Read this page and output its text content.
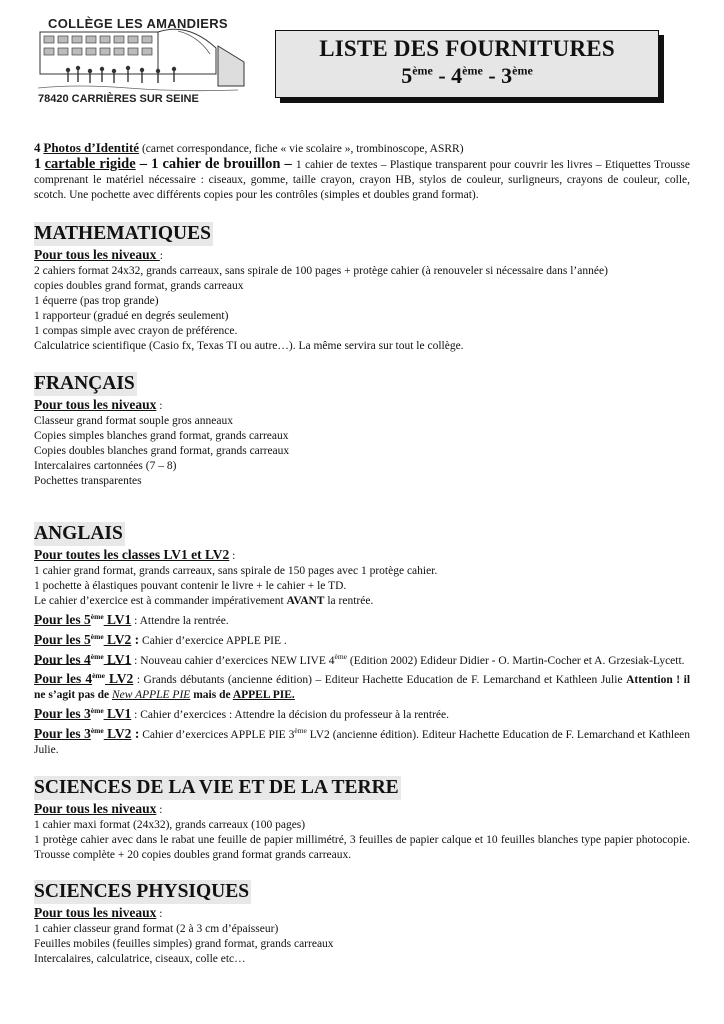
COLLÈGE LES AMANDIERS
78420 CARRIÈRES SUR SEINE
LISTE DES FOURNITURES
5ème - 4ème - 3ème

4 Photos d’Identité (carnet correspondance, fiche « vie scolaire », trombinoscope, ASRR)

1 cartable rigide – 1 cahier de brouillon – 1 cahier de textes – Plastique transparent pour couvrir les livres – Etiquettes Trousse comprenant le matériel nécessaire : ciseaux, gomme, taille crayon, crayon HB, stylos de couleur, surligneurs, crayons de couleur, colle, scotch. Une pochette avec différents copies pour les contrôles (simples et doubles grand format).

MATHEMATIQUES

Pour tous les niveaux :

2 cahiers format 24x32, grands carreaux, sans spirale de 100 pages + protège cahier (à renouveler si nécessaire dans l’année)

copies doubles grand format, grands carreaux

1 équerre (pas trop grande)

1 rapporteur (gradué en degrés seulement)

1 compas simple avec crayon de préférence.

Calculatrice scientifique (Casio fx, Texas TI ou autre…). La même servira sur tout le collège.

FRANÇAIS

Pour tous les niveaux :

Classeur grand format souple gros anneaux

Copies simples blanches grand format, grands carreaux

Copies doubles blanches grand format, grands carreaux

Intercalaires cartonnées (7 – 8)

Pochettes transparentes

ANGLAIS

Pour toutes les classes LV1 et LV2 :

1 cahier grand format, grands carreaux, sans spirale de 150 pages avec 1 protège cahier.

1 pochette à élastiques pouvant contenir le livre + le cahier + le TD.

Le cahier d’exercice est à commander impérativement AVANT la rentrée.

Pour les 5ème LV1 : Attendre la rentrée.

Pour les 5ème LV2 : Cahier d’exercice APPLE PIE .

Pour les 4ème LV1 : Nouveau cahier d’exercices NEW LIVE 4ème (Edition 2002) Edideur Didier - O. Martin-Cocher et A. Grzesiak-Lycett.

Pour les 4ème LV2 : Grands débutants (ancienne édition) – Editeur Hachette Education de F. Lemarchand et Kathleen Julie Attention ! il ne s’agit pas de New APPLE PIE mais de APPEL PIE.

Pour les 3ème LV1 : Cahier d’exercices : Attendre la décision du professeur à la rentrée.

Pour les 3ème LV2 : Cahier d’exercices APPLE PIE 3ème LV2 (ancienne édition). Editeur Hachette Education de F. Lemarchand et Kathleen Julie.

SCIENCES DE LA VIE ET DE LA TERRE

Pour tous les niveaux :

1 cahier maxi format (24x32), grands carreaux (100 pages)

1 protège cahier avec dans le rabat une feuille de papier millimétré, 3 feuilles de papier calque et 10 feuilles blanches type papier photocopie. Trousse complète + 20 copies doubles grand format grands carreaux.

SCIENCES PHYSIQUES

Pour tous les niveaux :

1 cahier classeur grand format (2 à 3 cm d’épaisseur)

Feuilles mobiles (feuilles simples) grand format, grands carreaux

Intercalaires, calculatrice, ciseaux, colle etc…
